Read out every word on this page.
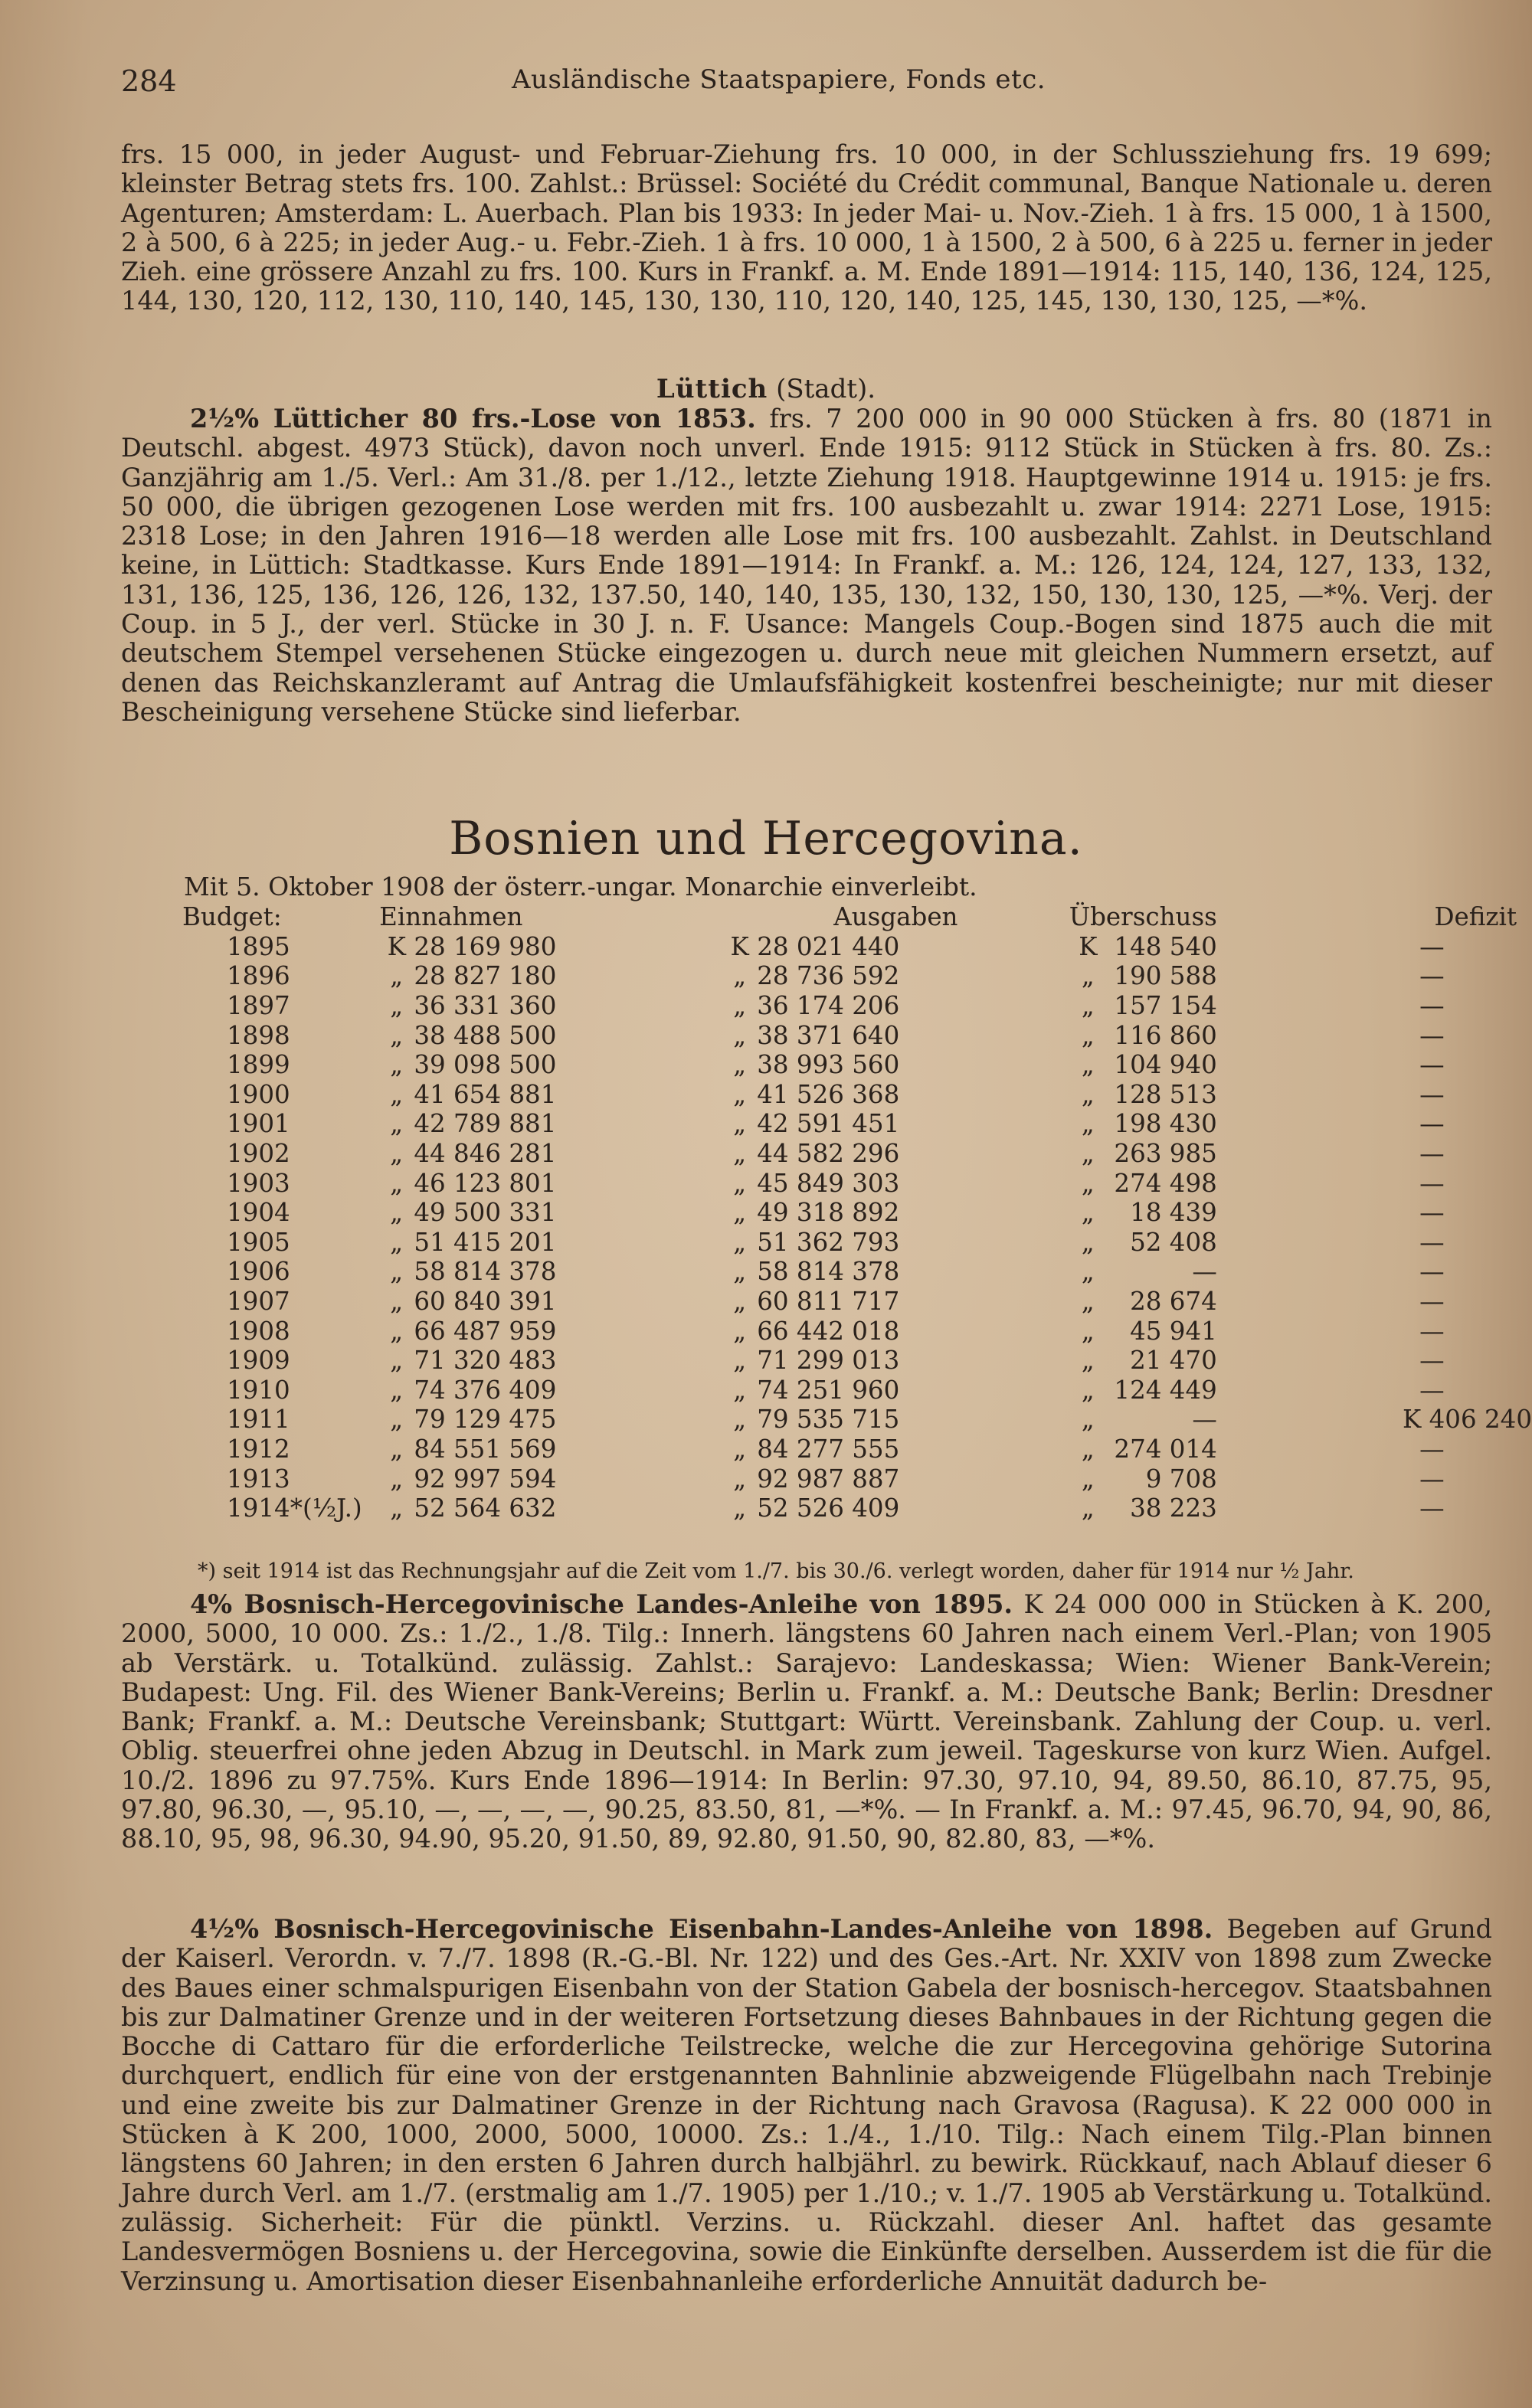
284	Ausländische Staatspapiere, Fonds etc.

frs. 15 000, in jeder August- und Februar-Ziehung frs. 10 000, in der Schlussziehung frs. 19 699; kleinster Betrag stets frs. 100. Zahlst.: Brüssel: Société du Crédit communal, Banque Nationale u. deren Agenturen; Amsterdam: L. Auerbach. Plan bis 1933: In jeder Mai- u. Nov.-Zieh. 1 à frs. 15 000, 1 à 1500, 2 à 500, 6 à 225; in jeder Aug.- u. Febr.-Zieh. 1 à frs. 10 000, 1 à 1500, 2 à 500, 6 à 225 u. ferner in jeder Zieh. eine grössere Anzahl zu frs. 100. Kurs in Frankf. a. M. Ende 1891—1914: 115, 140, 136, 124, 125, 144, 130, 120, 112, 130, 110, 140, 145, 130, 130, 110, 120, 140, 125, 145, 130, 130, 125, —*%.

Lüttich (Stadt).

2½% Lütticher 80 frs.-Lose von 1853. frs. 7 200 000 in 90 000 Stücken à frs. 80 (1871 in Deutschl. abgest. 4973 Stück), davon noch unverl. Ende 1915: 9112 Stück in Stücken à frs. 80. Zs.: Ganzjährig am 1./5. Verl.: Am 31./8. per 1./12., letzte Ziehung 1918. Hauptgewinne 1914 u. 1915: je frs. 50 000, die übrigen gezogenen Lose werden mit frs. 100 ausbezahlt u. zwar 1914: 2271 Lose, 1915: 2318 Lose; in den Jahren 1916—18 werden alle Lose mit frs. 100 ausbezahlt. Zahlst. in Deutschland keine, in Lüttich: Stadtkasse. Kurs Ende 1891—1914: In Frankf. a. M.: 126, 124, 124, 127, 133, 132, 131, 136, 125, 136, 126, 126, 132, 137.50, 140, 140, 135, 130, 132, 150, 130, 130, 125, —*%. Verj. der Coup. in 5 J., der verl. Stücke in 30 J. n. F. Usance: Mangels Coup.-Bogen sind 1875 auch die mit deutschem Stempel versehenen Stücke eingezogen u. durch neue mit gleichen Nummern ersetzt, auf denen das Reichskanzleramt auf Antrag die Umlaufsfähigkeit kostenfrei bescheinigte; nur mit dieser Bescheinigung versehene Stücke sind lieferbar.

Bosnien und Hercegovina.
Mit 5. Oktober 1908 der österr.-ungar. Monarchie einverleibt.
Budget:	Einnahmen			Ausgaben			Überschuss		Defizit
1895	K	28 169 980		K	28 021 440		K	148 540	—
1896	„	28 827 180		„	28 736 592		„	190 588	—
1897	„	36 331 360		„	36 174 206		„	157 154	—
1898	„	38 488 500		„	38 371 640		„	116 860	—
1899	„	39 098 500		„	38 993 560		„	104 940	—
1900	„	41 654 881		„	41 526 368		„	128 513	—
1901	„	42 789 881		„	42 591 451		„	198 430	—
1902	„	44 846 281		„	44 582 296		„	263 985	—
1903	„	46 123 801		„	45 849 303		„	274 498	—
1904	„	49 500 331		„	49 318 892		„	18 439	—
1905	„	51 415 201		„	51 362 793		„	52 408	—
1906	„	58 814 378		„	58 814 378		„	—	—
1907	„	60 840 391		„	60 811 717		„	28 674	—
1908	„	66 487 959		„	66 442 018		„	45 941	—
1909	„	71 320 483		„	71 299 013		„	21 470	—
1910	„	74 376 409		„	74 251 960		„	124 449	—
1911	„	79 129 475		„	79 535 715		„	—	K 406 240
1912	„	84 551 569		„	84 277 555		„	274 014	—
1913	„	92 997 594		„	92 987 887		„	9 708	—
1914*(½J.)	„	52 564 632		„	52 526 409		„	38 223	—
*) seit 1914 ist das Rechnungsjahr auf die Zeit vom 1./7. bis 30./6. verlegt worden, daher für 1914 nur ½ Jahr.

4% Bosnisch-Hercegovinische Landes-Anleihe von 1895. K 24 000 000 in Stücken à K. 200, 2000, 5000, 10 000. Zs.: 1./2., 1./8. Tilg.: Innerh. längstens 60 Jahren nach einem Verl.-Plan; von 1905 ab Verstärk. u. Totalkünd. zulässig. Zahlst.: Sarajevo: Landeskassa; Wien: Wiener Bank-Verein; Budapest: Ung. Fil. des Wiener Bank-Vereins; Berlin u. Frankf. a. M.: Deutsche Bank; Berlin: Dresdner Bank; Frankf. a. M.: Deutsche Vereinsbank; Stuttgart: Württ. Vereinsbank. Zahlung der Coup. u. verl. Oblig. steuerfrei ohne jeden Abzug in Deutschl. in Mark zum jeweil. Tageskurse von kurz Wien. Aufgel. 10./2. 1896 zu 97.75%. Kurs Ende 1896—1914: In Berlin: 97.30, 97.10, 94, 89.50, 86.10, 87.75, 95, 97.80, 96.30, —, 95.10, —, —, —, —, 90.25, 83.50, 81, —*%. — In Frankf. a. M.: 97.45, 96.70, 94, 90, 86, 88.10, 95, 98, 96.30, 94.90, 95.20, 91.50, 89, 92.80, 91.50, 90, 82.80, 83, —*%.

4½% Bosnisch-Hercegovinische Eisenbahn-Landes-Anleihe von 1898. Begeben auf Grund der Kaiserl. Verordn. v. 7./7. 1898 (R.-G.-Bl. Nr. 122) und des Ges.-Art. Nr. XXIV von 1898 zum Zwecke des Baues einer schmalspurigen Eisenbahn von der Station Gabela der bosnisch-hercegov. Staatsbahnen bis zur Dalmatiner Grenze und in der weiteren Fortsetzung dieses Bahnbaues in der Richtung gegen die Bocche di Cattaro für die erforderliche Teilstrecke, welche die zur Hercegovina gehörige Sutorina durchquert, endlich für eine von der erstgenannten Bahnlinie abzweigende Flügelbahn nach Trebinje und eine zweite bis zur Dalmatiner Grenze in der Richtung nach Gravosa (Ragusa). K 22 000 000 in Stücken à K 200, 1000, 2000, 5000, 10000. Zs.: 1./4., 1./10. Tilg.: Nach einem Tilg.-Plan binnen längstens 60 Jahren; in den ersten 6 Jahren durch halbjährl. zu bewirk. Rückkauf, nach Ablauf dieser 6 Jahre durch Verl. am 1./7. (erstmalig am 1./7. 1905) per 1./10.; v. 1./7. 1905 ab Verstärkung u. Totalkünd. zulässig. Sicherheit: Für die pünktl. Verzins. u. Rückzahl. dieser Anl. haftet das gesamte Landesvermögen Bosniens u. der Hercegovina, sowie die Einkünfte derselben. Ausserdem ist die für die Verzinsung u. Amortisation dieser Eisenbahnanleihe erforderliche Annuität dadurch be-
